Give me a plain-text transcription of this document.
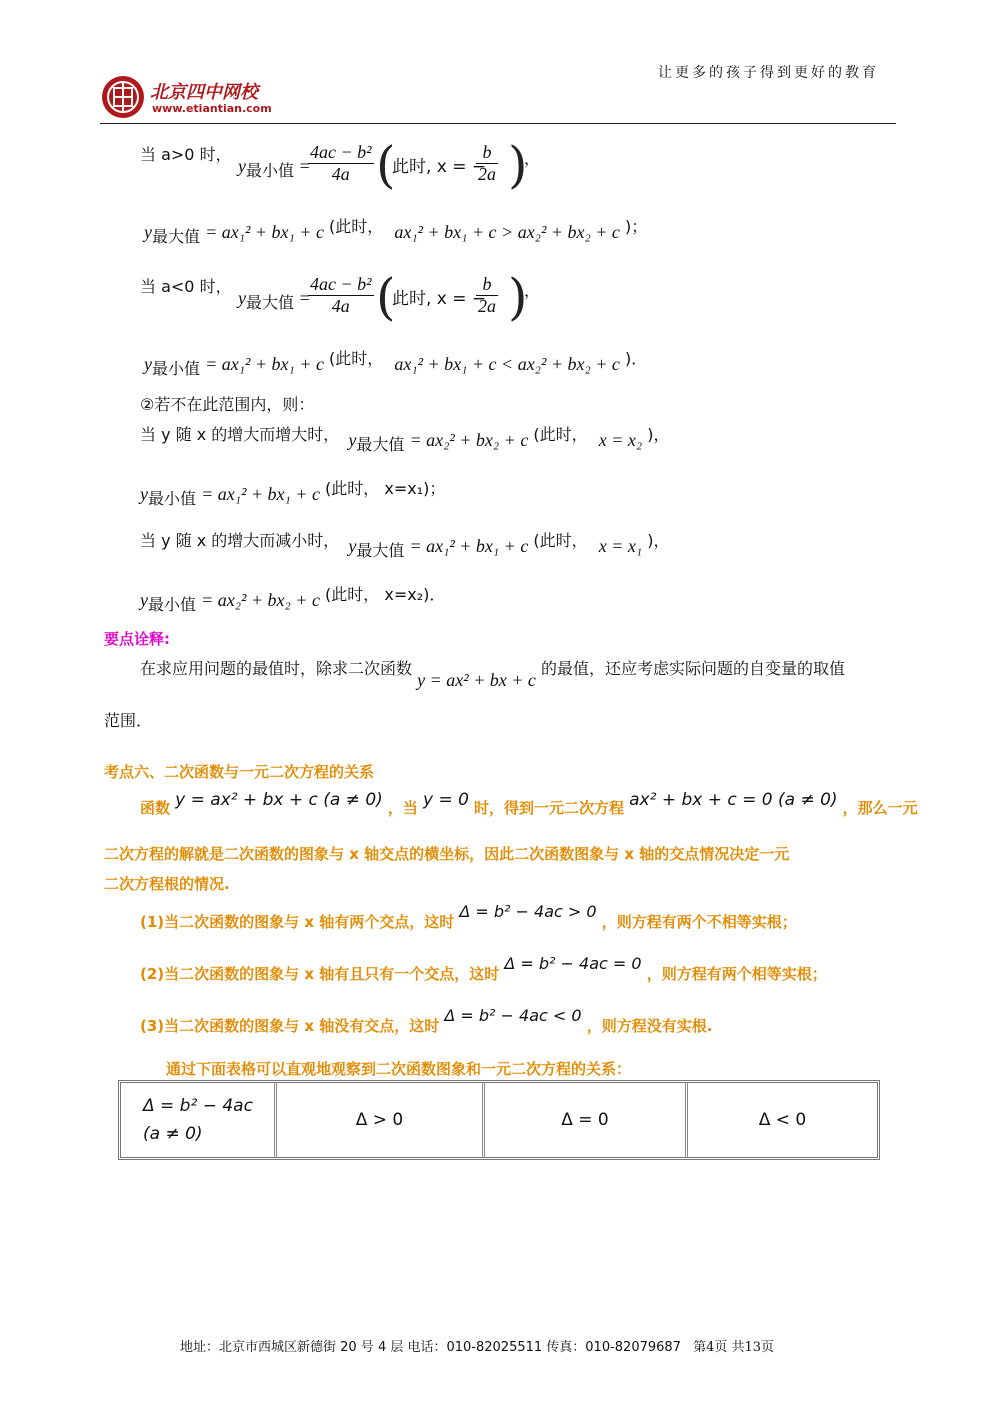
北京四中网校
www.etiantian.com
让更多的孩子得到更好的教育
当 a>0 时，
y最小值 =
$\frac{\text{4ac − b²}}{4a}$ (
此时, x = −
$\frac{b}{2a}$ )
，
y最大值 = ax₁² + bx₁ + c (此时， ax₁² + bx₁ + c > ax₂² + bx₂ + c )；
当 a<0 时，
y最大值 =
$\frac{\text{4ac − b²}}{4a}$ (
此时, x = −
$\frac{b}{2a}$ )
，
y最小值 = ax₁² + bx₁ + c (此时， ax₁² + bx₁ + c < ax₂² + bx₂ + c )．
②若不在此范围内，则：
当 y 随 x 的增大而增大时， y最大值 = ax₂² + bx₂ + c (此时， x = x₂ )，
y最小值 = ax₁² + bx₁ + c (此时， x=x₁)；
当 y 随 x 的增大而减小时， y最大值 = ax₁² + bx₁ + c (此时， x = x₁ )，
y最小值 = ax₂² + bx₂ + c (此时， x=x₂)．
要点诠释:
在求应用问题的最值时，除求二次函数 y = ax² + bx + c 的最值，还应考虑实际问题的自变量的取值
范围．
考点六、二次函数与一元二次方程的关系
函数 y = ax² + bx + c (a ≠ 0) ，当 y = 0 时，得到一元二次方程 ax² + bx + c = 0 (a ≠ 0) ，那么一元
二次方程的解就是二次函数的图象与 x 轴交点的横坐标，因此二次函数图象与 x 轴的交点情况决定一元
二次方程根的情况.
(1)当二次函数的图象与 x 轴有两个交点，这时 Δ = b² − 4ac > 0 ，则方程有两个不相等实根；
(2)当二次函数的图象与 x 轴有且只有一个交点，这时 Δ = b² − 4ac = 0 ，则方程有两个相等实根；
(3)当二次函数的图象与 x 轴没有交点，这时 Δ = b² − 4ac < 0 ，则方程没有实根.
通过下面表格可以直观地观察到二次函数图象和一元二次方程的关系：
Δ = b² − 4ac
(a ≠ 0)
Δ > 0	Δ = 0	Δ < 0
地址：北京市西城区新德街 20 号 4 层 电话：010-82025511 传真：010-82079687 第4页 共13页
